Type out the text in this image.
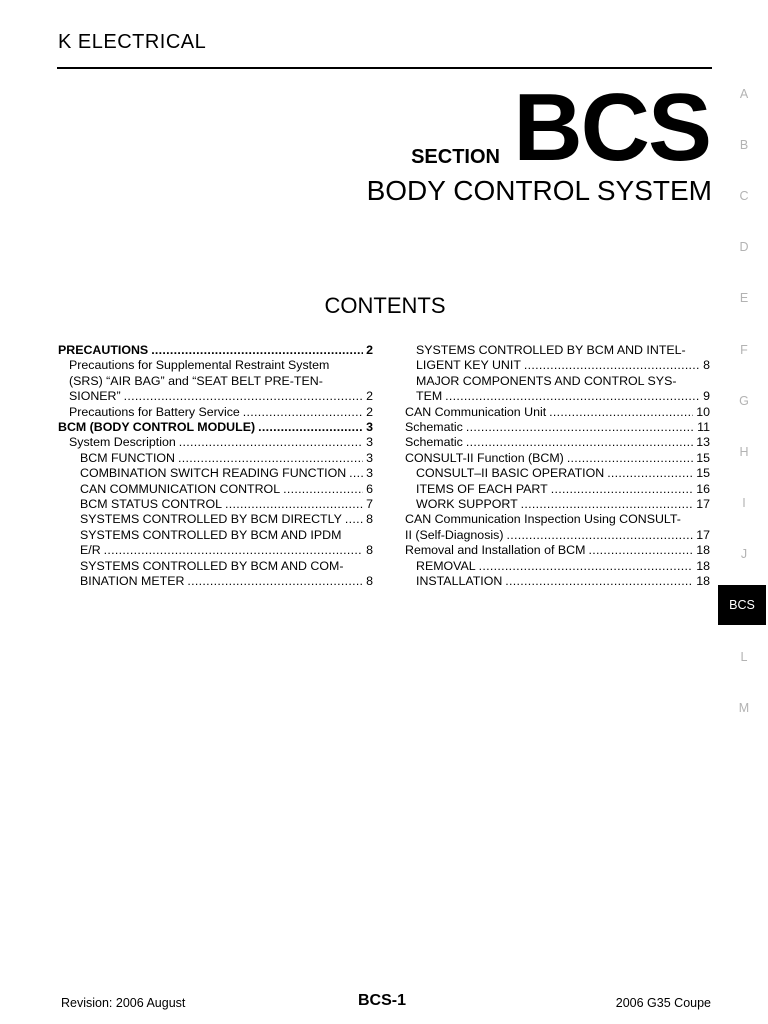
K ELECTRICAL
BCS
SECTION
BODY CONTROL SYSTEM
CONTENTS
PRECAUTIONS .....	2
Precautions for Supplemental Restraint System
(SRS) “AIR BAG” and “SEAT BELT PRE-TEN-
SIONER” .....	2
Precautions for Battery Service .....	2
BCM (BODY CONTROL MODULE) .....	3
System Description .....	3
BCM FUNCTION .....	3
COMBINATION SWITCH READING FUNCTION ..... 3
CAN COMMUNICATION CONTROL .....	6
BCM STATUS CONTROL .....	7
SYSTEMS CONTROLLED BY BCM DIRECTLY ..... 8
SYSTEMS CONTROLLED BY BCM AND IPDM
E/R .....	8
SYSTEMS CONTROLLED BY BCM AND COM-
BINATION METER .....	8
SYSTEMS CONTROLLED BY BCM AND INTEL-
LIGENT KEY UNIT .....	8
MAJOR COMPONENTS AND CONTROL SYS-
TEM .....	9
CAN Communication Unit .....	10
Schematic .....	11
Schematic .....	13
CONSULT-II Function (BCM) .....	15
CONSULT–II BASIC OPERATION .....	15
ITEMS OF EACH PART .....	16
WORK SUPPORT .....	17
CAN Communication Inspection Using CONSULT-
II (Self-Diagnosis) .....	17
Removal and Installation of BCM .....	18
REMOVAL .....	18
INSTALLATION .....	18
A
B
C
D
E
F
G
H
I
J
BCS
L
M
Revision: 2006 August	BCS-1	2006 G35 Coupe
